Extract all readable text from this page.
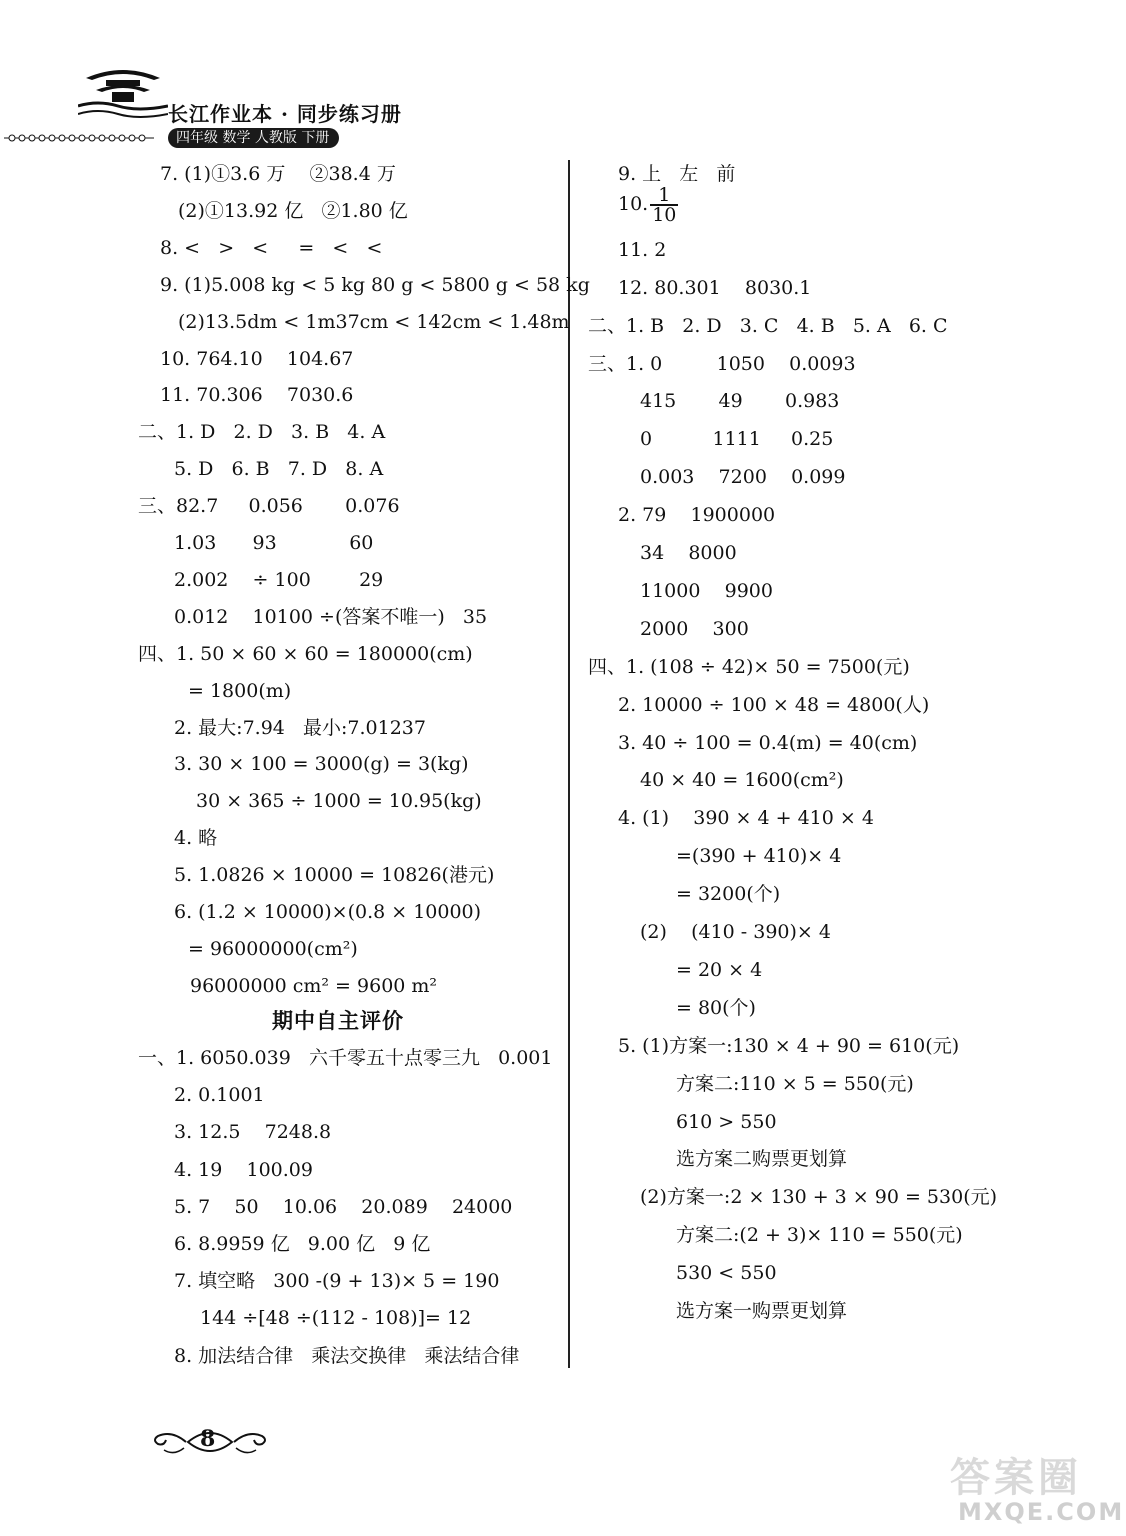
长江作业本 · 同步练习册
四年级 数学 人教版 下册
7. (1)①3.6 万    ②38.4 万
(2)①13.92 亿   ②1.80 亿
8. <   >   <     =   <   <
9. (1)5.008 kg < 5 kg 80 g < 5800 g < 58 kg
(2)13.5dm < 1m37cm < 142cm < 1.48m
10. 764.10    104.67
11. 70.306    7030.6
二、1. D   2. D   3. B   4. A
5. D   6. B   7. D   8. A
三、82.7     0.056       0.076
1.03      93            60
2.002    ÷ 100        29
0.012    10100 ÷(答案不唯一)   35
四、1. 50 × 60 × 60 = 180000(cm)
= 1800(m)
2. 最大:7.94   最小:7.01237
3. 30 × 100 = 3000(g) = 3(kg)
30 × 365 ÷ 1000 = 10.95(kg)
4. 略
5. 1.0826 × 10000 = 10826(港元)
6. (1.2 × 10000)×(0.8 × 10000)
= 96000000(cm²)
96000000 cm² = 9600 m²
期中自主评价
一、1. 6050.039   六千零五十点零三九   0.001
2. 0.1001
3. 12.5    7248.8
4. 19    100.09
5. 7    50    10.06    20.089    24000
6. 8.9959 亿   9.00 亿   9 亿
7. 填空略   300 -(9 + 13)× 5 = 190
144 ÷[48 ÷(112 - 108)]= 12
8. 加法结合律   乘法交换律   乘法结合律
9. 上   左   前
10. $\frac{1}{10}$
11. 2
12. 80.301    8030.1
二、1. B   2. D   3. C   4. B   5. A   6. C
三、1. 0         1050    0.0093
415       49       0.983
0          1111     0.25
0.003    7200    0.099
2. 79    1900000
34    8000
11000    9900
2000    300
四、1. (108 ÷ 42)× 50 = 7500(元)
2. 10000 ÷ 100 × 48 = 4800(人)
3. 40 ÷ 100 = 0.4(m) = 40(cm)
40 × 40 = 1600(cm²)
4. (1)    390 × 4 + 410 × 4
=(390 + 410)× 4
= 3200(个)
(2)    (410 - 390)× 4
= 20 × 4
= 80(个)
5. (1)方案一:130 × 4 + 90 = 610(元)
方案二:110 × 5 = 550(元)
610 > 550
选方案二购票更划算
(2)方案一:2 × 130 + 3 × 90 = 530(元)
方案二:(2 + 3)× 110 = 550(元)
530 < 550
选方案一购票更划算
8
答案圈
MXQE.COM
